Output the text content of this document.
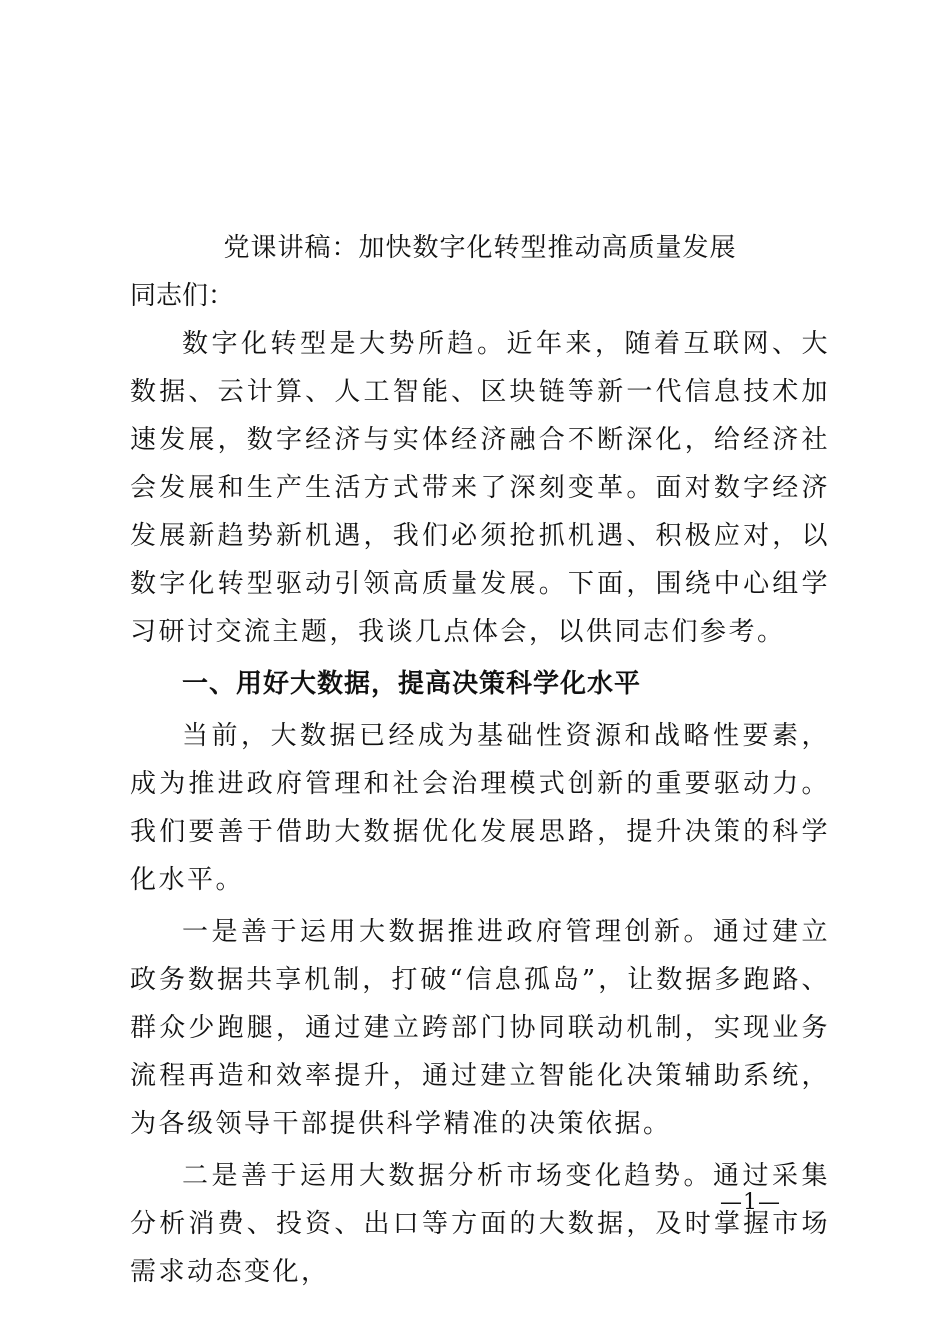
党课讲稿：加快数字化转型推动高质量发展

同志们：

数字化转型是大势所趋。近年来，随着互联网、大数据、云计算、人工智能、区块链等新一代信息技术加速发展，数字经济与实体经济融合不断深化，给经济社会发展和生产生活方式带来了深刻变革。面对数字经济发展新趋势新机遇，我们必须抢抓机遇、积极应对，以数字化转型驱动引领高质量发展。下面，围绕中心组学习研讨交流主题，我谈几点体会，以供同志们参考。

一、用好大数据，提高决策科学化水平

当前，大数据已经成为基础性资源和战略性要素，成为推进政府管理和社会治理模式创新的重要驱动力。我们要善于借助大数据优化发展思路，提升决策的科学化水平。

一是善于运用大数据推进政府管理创新。通过建立政务数据共享机制，打破“信息孤岛”，让数据多跑路、群众少跑腿，通过建立跨部门协同联动机制，实现业务流程再造和效率提升，通过建立智能化决策辅助系统，为各级领导干部提供科学精准的决策依据。

二是善于运用大数据分析市场变化趋势。通过采集分析消费、投资、出口等方面的大数据，及时掌握市场需求动态变化，

—1—
